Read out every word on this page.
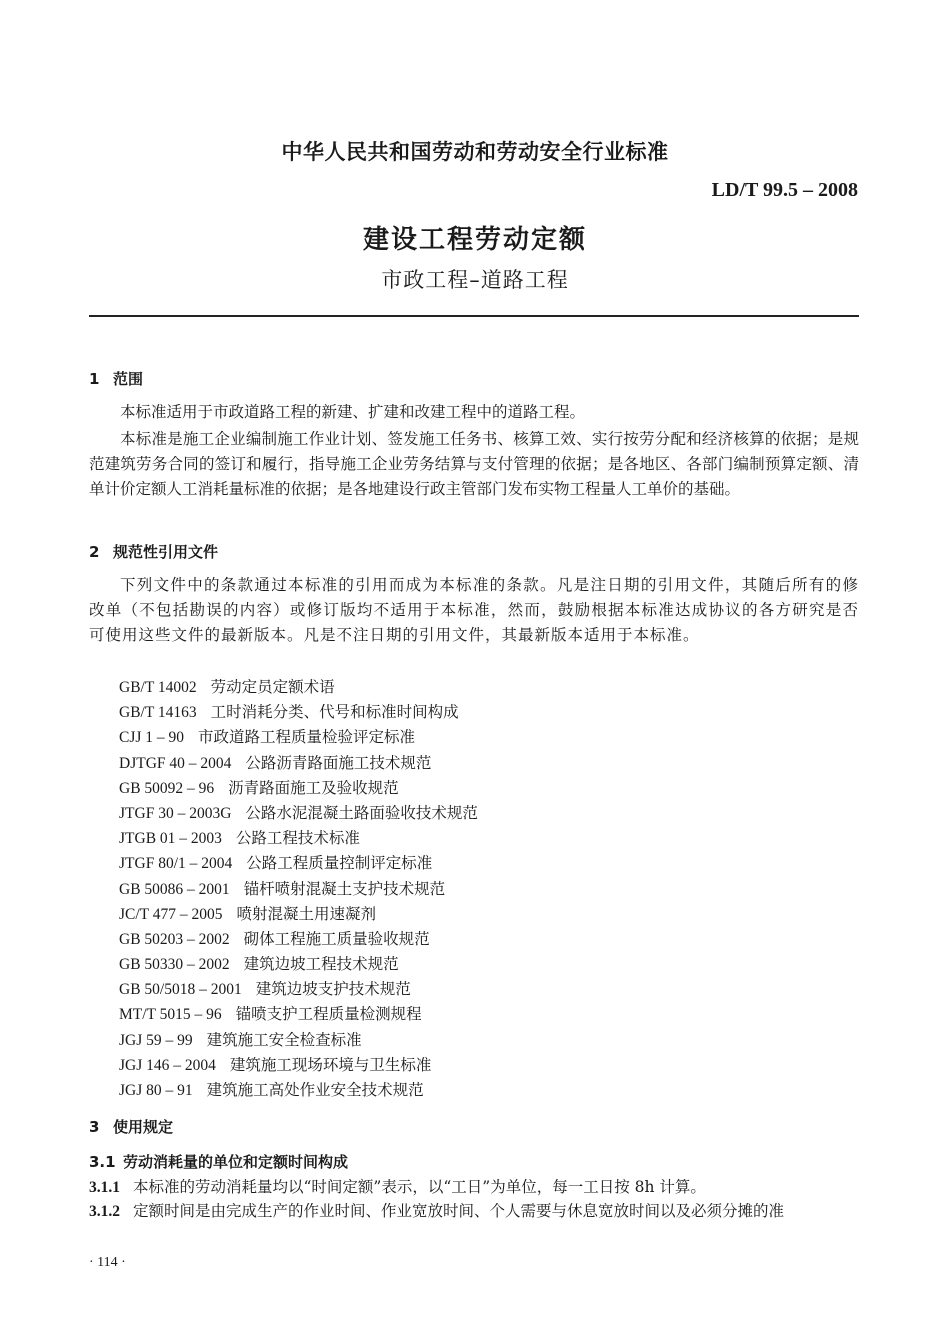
中华人民共和国劳动和劳动安全行业标准
LD/T 99.5 – 2008
建设工程劳动定额
市政工程–道路工程
1 范围
本标准适用于市政道路工程的新建、扩建和改建工程中的道路工程。
本标准是施工企业编制施工作业计划、签发施工任务书、核算工效、实行按劳分配和经济核算的依据；是规范建筑劳务合同的签订和履行，指导施工企业劳务结算与支付管理的依据；是各地区、各部门编制预算定额、清单计价定额人工消耗量标准的依据；是各地建设行政主管部门发布实物工程量人工单价的基础。
2 规范性引用文件
下列文件中的条款通过本标准的引用而成为本标准的条款。凡是注日期的引用文件，其随后所有的修改单（不包括勘误的内容）或修订版均不适用于本标准，然而，鼓励根据本标准达成协议的各方研究是否可使用这些文件的最新版本。凡是不注日期的引用文件，其最新版本适用于本标准。
GB/T 14002 劳动定员定额术语
GB/T 14163 工时消耗分类、代号和标准时间构成
CJJ 1 – 90 市政道路工程质量检验评定标准
DJTGF 40 – 2004 公路沥青路面施工技术规范
GB 50092 – 96 沥青路面施工及验收规范
JTGF 30 – 2003G 公路水泥混凝土路面验收技术规范
JTGB 01 – 2003 公路工程技术标准
JTGF 80/1 – 2004 公路工程质量控制评定标准
GB 50086 – 2001 锚杆喷射混凝土支护技术规范
JC/T 477 – 2005 喷射混凝土用速凝剂
GB 50203 – 2002 砌体工程施工质量验收规范
GB 50330 – 2002 建筑边坡工程技术规范
GB 50/5018 – 2001 建筑边坡支护技术规范
MT/T 5015 – 96 锚喷支护工程质量检测规程
JGJ 59 – 99 建筑施工安全检查标准
JGJ 146 – 2004 建筑施工现场环境与卫生标准
JGJ 80 – 91 建筑施工高处作业安全技术规范
3 使用规定
3.1 劳动消耗量的单位和定额时间构成
3.1.1 本标准的劳动消耗量均以“时间定额”表示，以“工日”为单位，每一工日按 8h 计算。
3.1.2 定额时间是由完成生产的作业时间、作业宽放时间、个人需要与休息宽放时间以及必须分摊的准
· 114 ·
